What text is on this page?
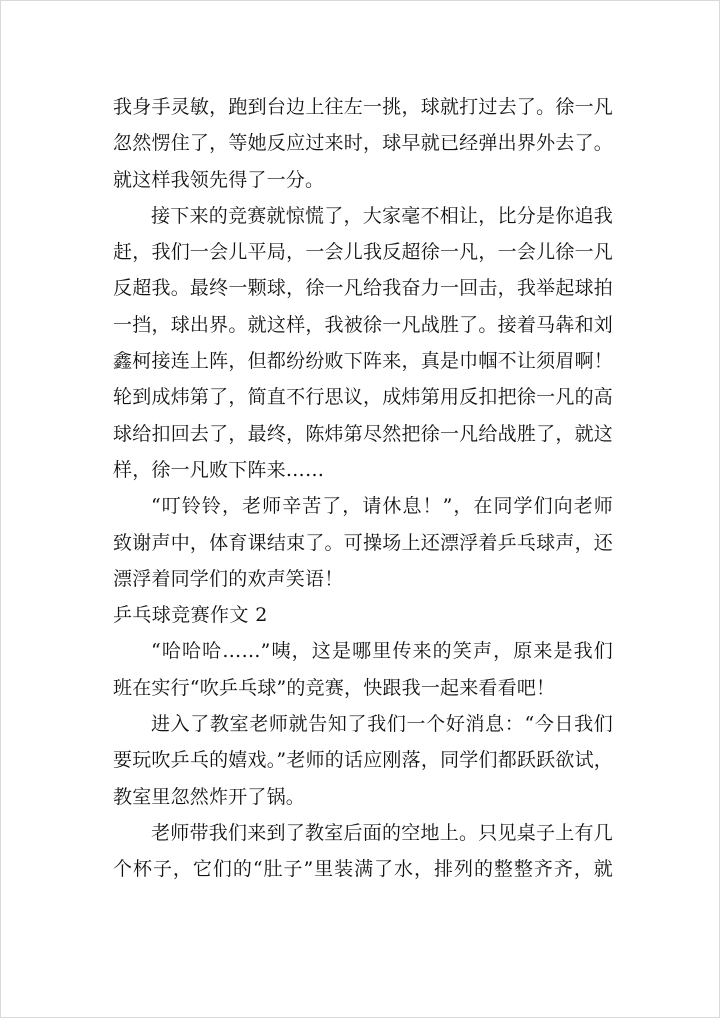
我身手灵敏，跑到台边上往左一挑，球就打过去了。徐一凡
忽然愣住了，等她反应过来时，球早就已经弹出界外去了。
就这样我领先得了一分。
接下来的竞赛就惊慌了，大家毫不相让，比分是你追我
赶，我们一会儿平局，一会儿我反超徐一凡，一会儿徐一凡
反超我。最终一颗球，徐一凡给我奋力一回击，我举起球拍
一挡，球出界。就这样，我被徐一凡战胜了。接着马犇和刘
鑫柯接连上阵，但都纷纷败下阵来，真是巾帼不让须眉啊！
轮到成炜第了，简直不行思议，成炜第用反扣把徐一凡的高
球给扣回去了，最终，陈炜第尽然把徐一凡给战胜了，就这
样，徐一凡败下阵来……
“叮铃铃，老师辛苦了，请休息！”，在同学们向老师
致谢声中，体育课结束了。可操场上还漂浮着乒乓球声，还
漂浮着同学们的欢声笑语！
乒乓球竞赛作文 2
“哈哈哈……”咦，这是哪里传来的笑声，原来是我们
班在实行“吹乒乓球”的竞赛，快跟我一起来看看吧！
进入了教室老师就告知了我们一个好消息：“今日我们
要玩吹乒乓的嬉戏。”老师的话应刚落，同学们都跃跃欲试，
教室里忽然炸开了锅。
老师带我们来到了教室后面的空地上。只见桌子上有几
个杯子，它们的“肚子”里装满了水，排列的整整齐齐，就
